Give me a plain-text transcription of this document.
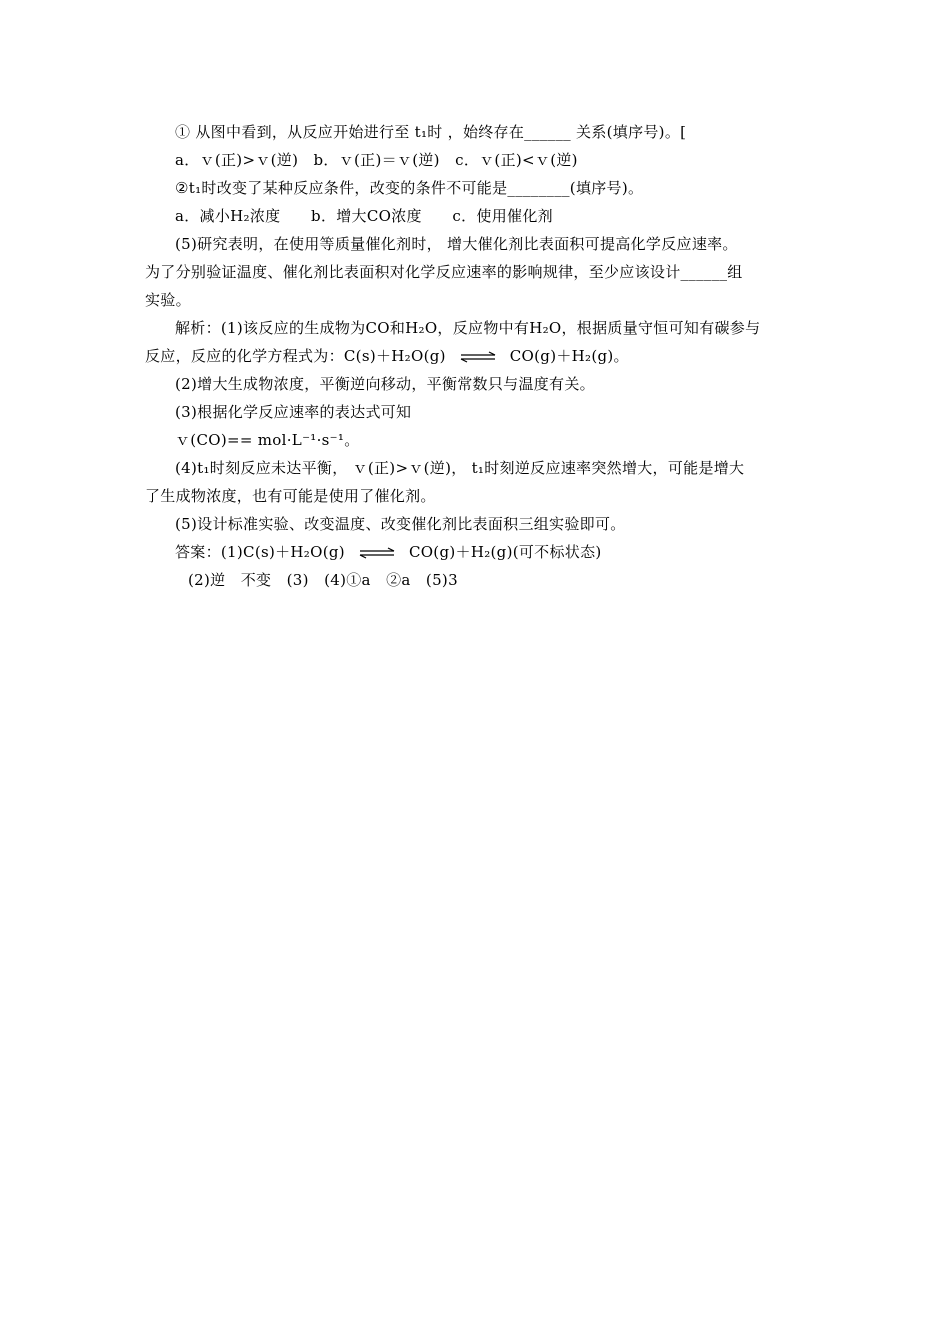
① 从图中看到，从反应开始进行至 t₁时 ，始终存在______ 关系(填序号)。[
a．ｖ(正)>ｖ(逆)　b．ｖ(正)＝ｖ(逆)　c．ｖ(正)<ｖ(逆)
②t₁时改变了某种反应条件，改变的条件不可能是________(填序号)。
a．减小H₂浓度　　b．增大CO浓度　　c．使用催化剂
(5)研究表明，在使用等质量催化剂时， 增大催化剂比表面积可提高化学反应速率。
为了分别验证温度、催化剂比表面积对化学反应速率的影响规律，至少应该设计______组
实验。
解析：(1)该反应的生成物为CO和H₂O，反应物中有H₂O，根据质量守恒可知有碳参与
反应，反应的化学方程式为：C(s)＋H₂O(g) ⇌ CO(g)＋H₂(g)。
(2)增大生成物浓度，平衡逆向移动，平衡常数只与温度有关。
(3)根据化学反应速率的表达式可知
ｖ(CO)== mol·L⁻¹·s⁻¹。
(4)t₁时刻反应未达平衡， ｖ(正)>ｖ(逆)， t₁时刻逆反应速率突然增大，可能是增大
了生成物浓度，也有可能是使用了催化剂。
(5)设计标准实验、改变温度、改变催化剂比表面积三组实验即可。
答案：(1)C(s)＋H₂O(g) ⇌ CO(g)＋H₂(g)(可不标状态)
(2)逆　不变　(3)　(4)①a　②a　(5)3
